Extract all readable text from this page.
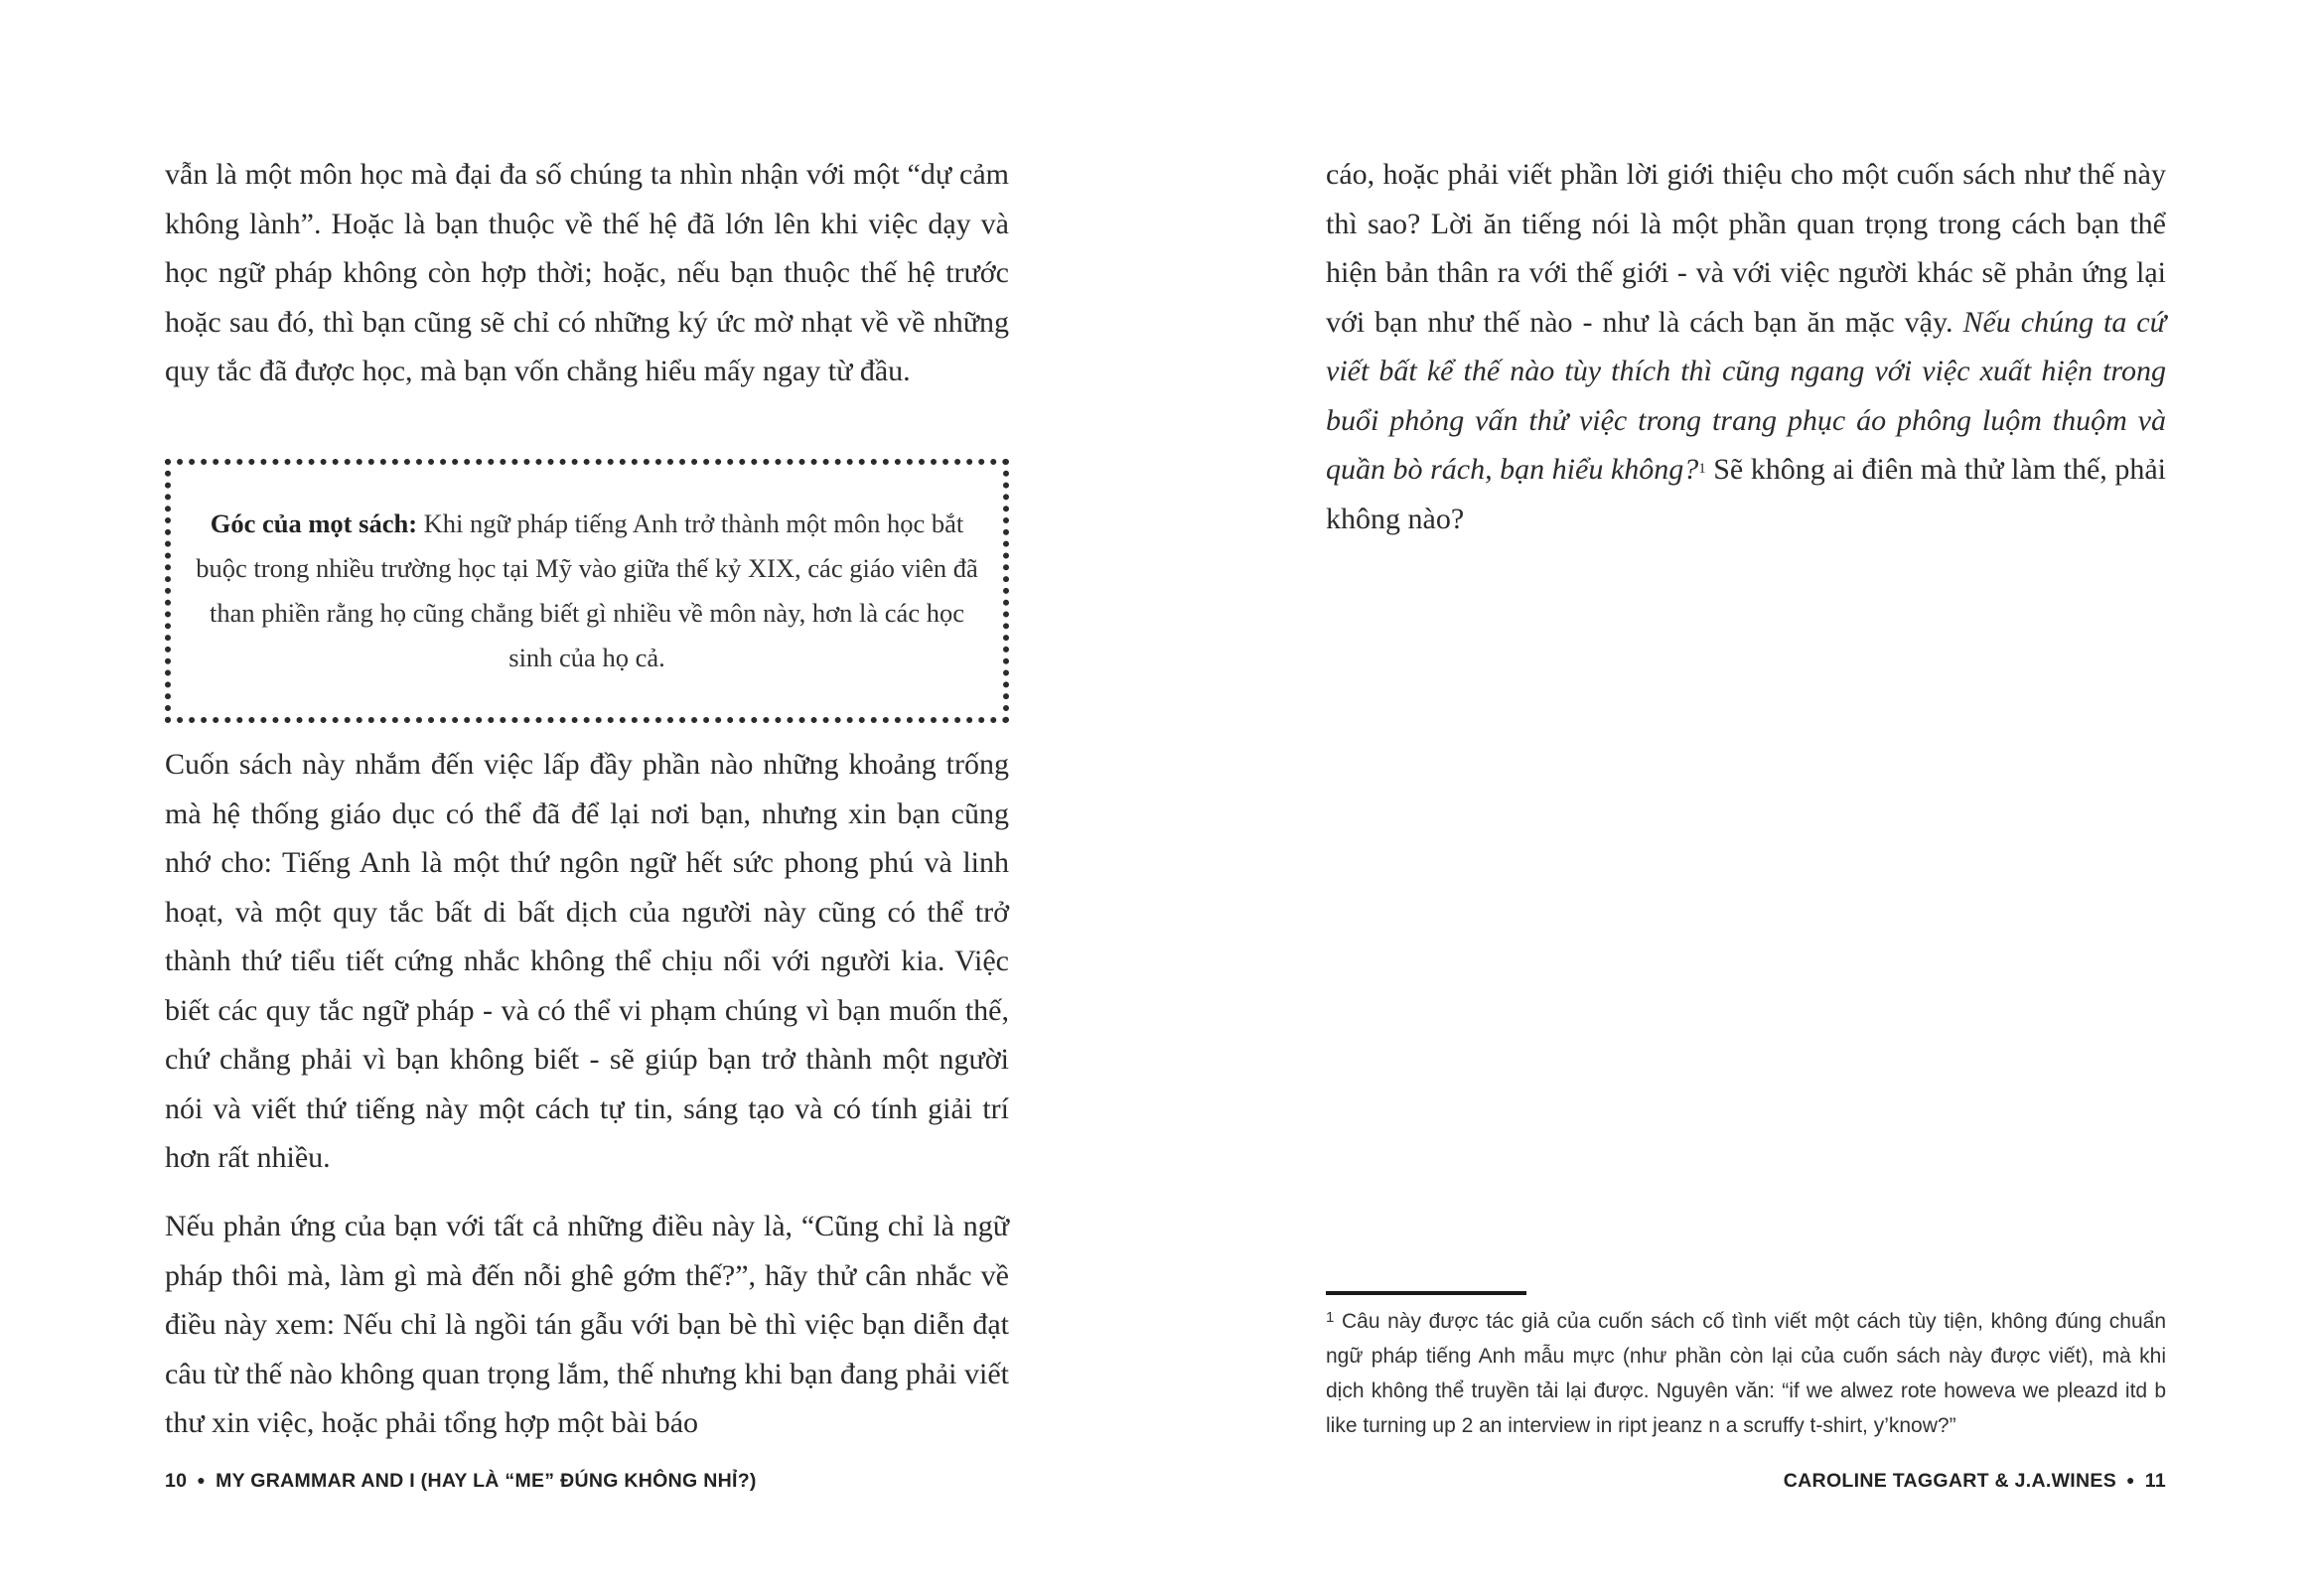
vẫn là một môn học mà đại đa số chúng ta nhìn nhận với một “dự cảm không lành”. Hoặc là bạn thuộc về thế hệ đã lớn lên khi việc dạy và học ngữ pháp không còn hợp thời; hoặc, nếu bạn thuộc thế hệ trước hoặc sau đó, thì bạn cũng sẽ chỉ có những ký ức mờ nhạt về về những quy tắc đã được học, mà bạn vốn chẳng hiểu mấy ngay từ đầu.

Góc của mọt sách: Khi ngữ pháp tiếng Anh trở thành một môn học bắt buộc trong nhiều trường học tại Mỹ vào giữa thế kỷ XIX, các giáo viên đã than phiền rằng họ cũng chẳng biết gì nhiều về môn này, hơn là các học sinh của họ cả.

Cuốn sách này nhắm đến việc lấp đầy phần nào những khoảng trống mà hệ thống giáo dục có thể đã để lại nơi bạn, nhưng xin bạn cũng nhớ cho: Tiếng Anh là một thứ ngôn ngữ hết sức phong phú và linh hoạt, và một quy tắc bất di bất dịch của người này cũng có thể trở thành thứ tiểu tiết cứng nhắc không thể chịu nổi với người kia. Việc biết các quy tắc ngữ pháp - và có thể vi phạm chúng vì bạn muốn thế, chứ chẳng phải vì bạn không biết - sẽ giúp bạn trở thành một người nói và viết thứ tiếng này một cách tự tin, sáng tạo và có tính giải trí hơn rất nhiều.

Nếu phản ứng của bạn với tất cả những điều này là, “Cũng chỉ là ngữ pháp thôi mà, làm gì mà đến nỗi ghê gớm thế?”, hãy thử cân nhắc về điều này xem: Nếu chỉ là ngồi tán gẫu với bạn bè thì việc bạn diễn đạt câu từ thế nào không quan trọng lắm, thế nhưng khi bạn đang phải viết thư xin việc, hoặc phải tổng hợp một bài báo

10 ● MY GRAMMAR AND I (HAY LÀ “ME” ĐÚNG KHÔNG NHỈ?)

cáo, hoặc phải viết phần lời giới thiệu cho một cuốn sách như thế này thì sao? Lời ăn tiếng nói là một phần quan trọng trong cách bạn thể hiện bản thân ra với thế giới - và với việc người khác sẽ phản ứng lại với bạn như thế nào - như là cách bạn ăn mặc vậy. Nếu chúng ta cứ viết bất kể thế nào tùy thích thì cũng ngang với việc xuất hiện trong buổi phỏng vấn thử việc trong trang phục áo phông luộm thuộm và quần bò rách, bạn hiểu không?$^1$ Sẽ không ai điên mà thử làm thế, phải không nào?

$^1$ Câu này được tác giả của cuốn sách cố tình viết một cách tùy tiện, không đúng chuẩn ngữ pháp tiếng Anh mẫu mực (như phần còn lại của cuốn sách này được viết), mà khi dịch không thể truyền tải lại được. Nguyên văn: “if we alwez rote howeva we pleazd itd b like turning up 2 an interview in ript jeanz n a scruffy t-shirt, y’know?”

CAROLINE TAGGART & J.A.WINES ● 11
